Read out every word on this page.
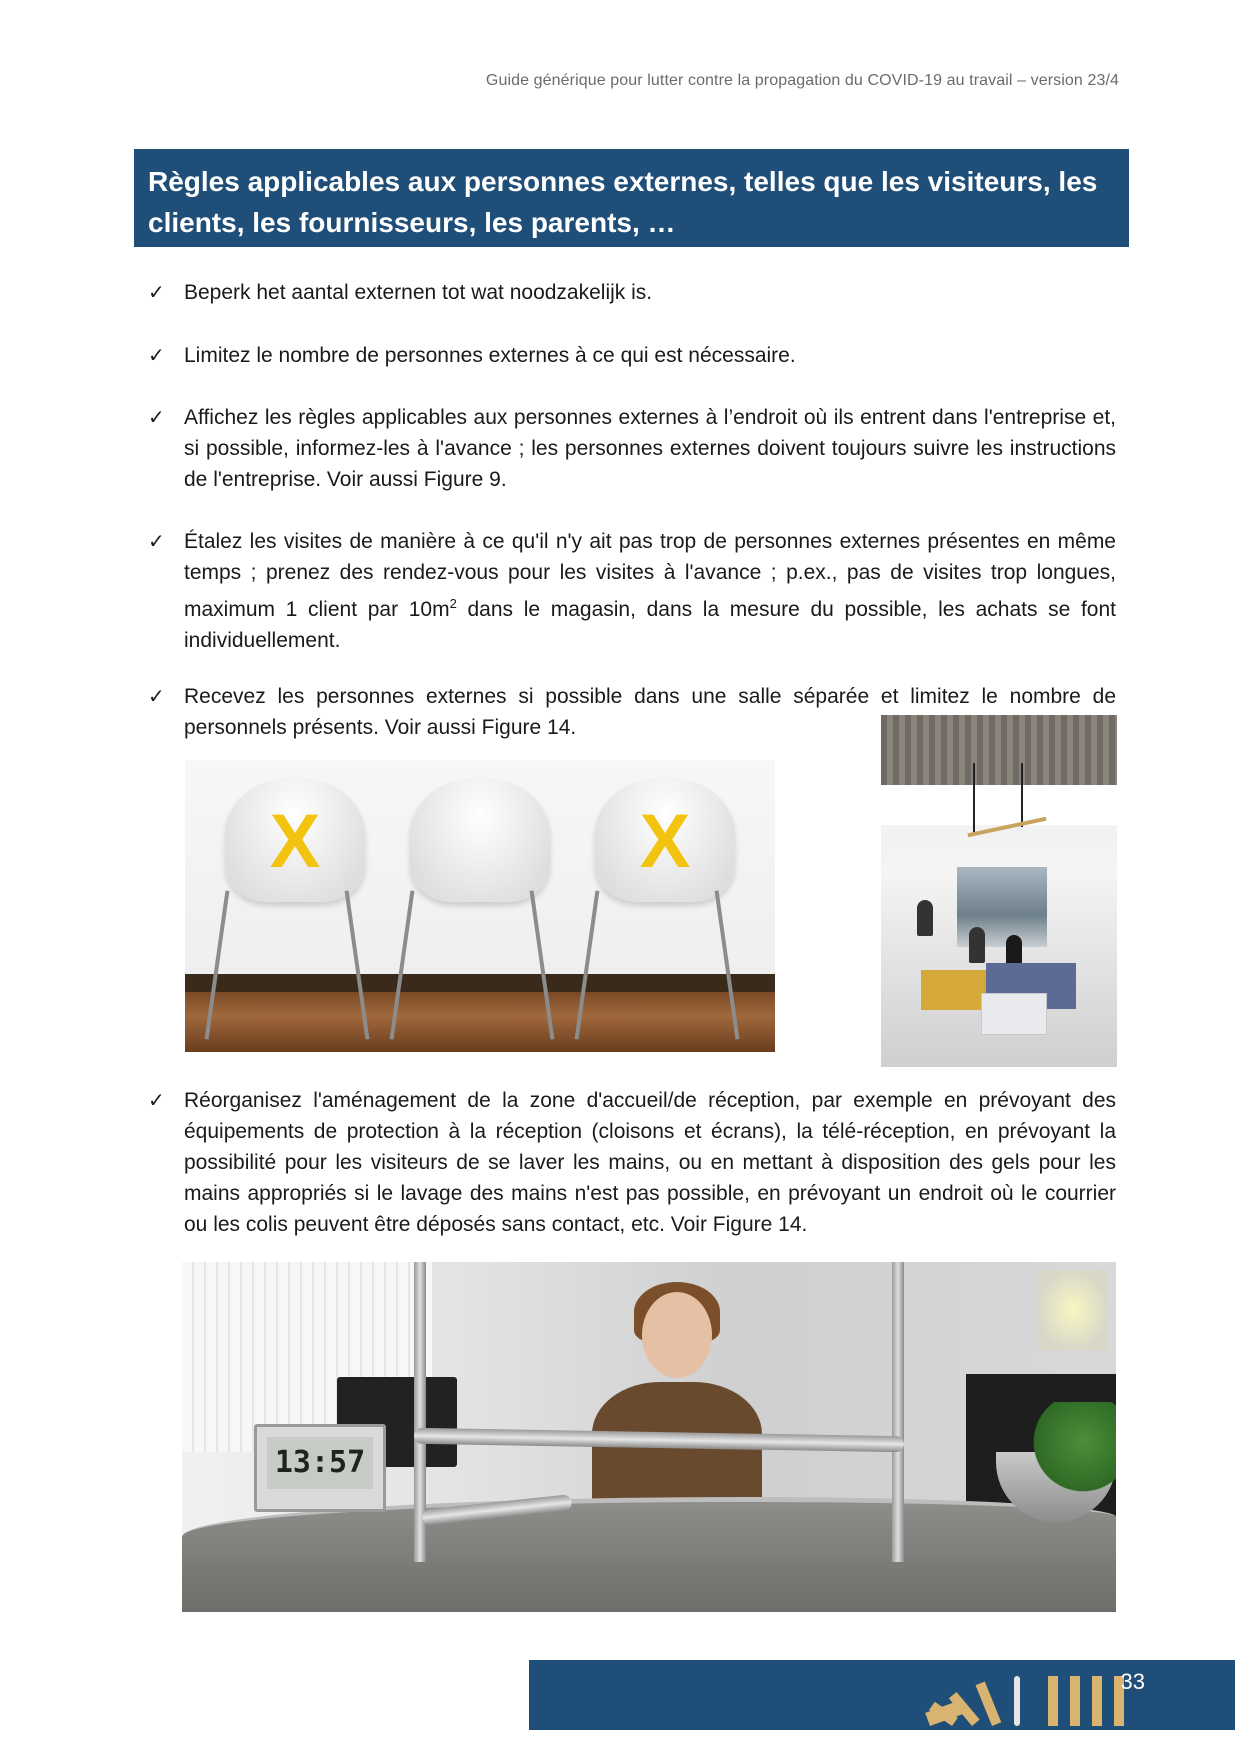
Guide générique pour lutter contre la propagation du COVID-19 au travail – version 23/4
Règles applicables aux personnes externes, telles que les visiteurs, les clients, les fournisseurs, les parents, …
✓ Beperk het aantal externen tot wat noodzakelijk is.
✓ Limitez le nombre de personnes externes à ce qui est nécessaire.
✓ Affichez les règles applicables aux personnes externes à l’endroit où ils entrent dans l'entreprise et, si possible, informez-les à l'avance ; les personnes externes doivent toujours suivre les instructions de l'entreprise. Voir aussi Figure 9.
✓ Étalez les visites de manière à ce qu'il n'y ait pas trop de personnes externes présentes en même temps ; prenez des rendez-vous pour les visites à l'avance ; p.ex., pas de visites trop longues, maximum 1 client par $10m^2$ dans le magasin, dans la mesure du possible, les achats se font individuellement.
✓ Recevez les personnes externes si possible dans une salle séparée et limitez le nombre de personnels présents. Voir aussi Figure 14.
X	X
✓ Réorganisez l'aménagement de la zone d'accueil/de réception, par exemple en prévoyant des équipements de protection à la réception (cloisons et écrans), la télé-réception, en prévoyant la possibilité pour les visiteurs de se laver les mains, ou en mettant à disposition des gels pour les mains appropriés si le lavage des mains n'est pas possible, en prévoyant un endroit où le courrier ou les colis peuvent être déposés sans contact, etc. Voir Figure 14.
13:57
33
